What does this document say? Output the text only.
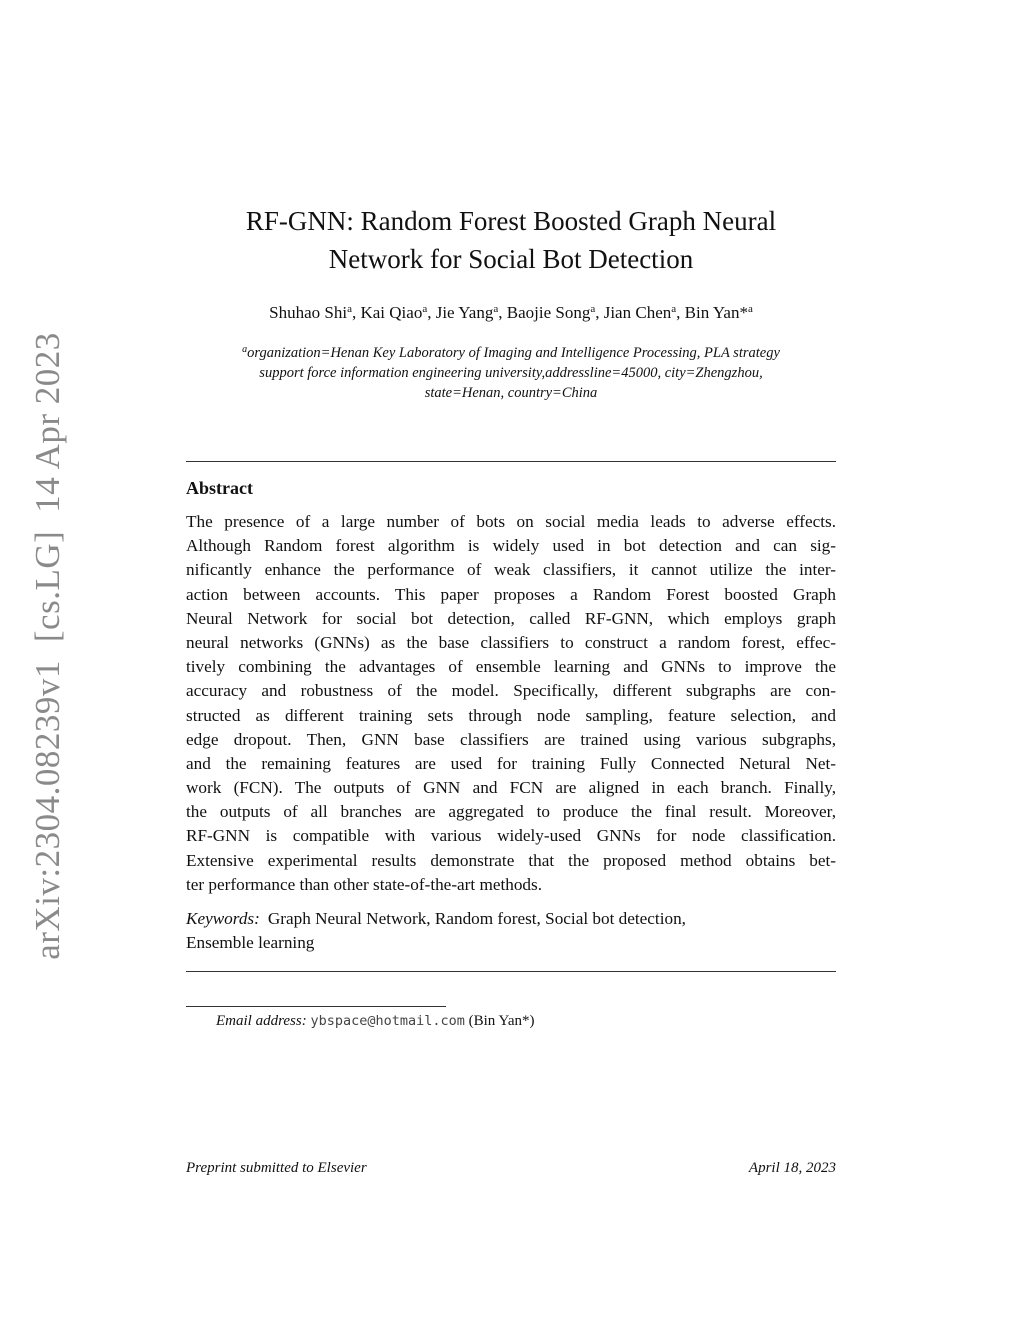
arXiv:2304.08239v1[cs.LG]14 Apr 2023
RF-GNN: Random Forest Boosted Graph Neural
Network for Social Bot Detection
Shuhao Shi$^a$, Kai Qiao$^a$, Jie Yang$^a$, Baojie Song$^a$, Jian Chen$^a$, Bin Yan*$^a$
$^a$organization=Henan Key Laboratory of Imaging and Intelligence Processing, PLA strategy
support force information engineering university,addressline=45000, city=Zhengzhou,
state=Henan, country=China
Abstract
The presence of a large number of bots on social media leads to adverse effects.
Although Random forest algorithm is widely used in bot detection and can sig-
nificantly enhance the performance of weak classifiers, it cannot utilize the inter-
action between accounts. This paper proposes a Random Forest boosted Graph
Neural Network for social bot detection, called RF-GNN, which employs graph
neural networks (GNNs) as the base classifiers to construct a random forest, effec-
tively combining the advantages of ensemble learning and GNNs to improve the
accuracy and robustness of the model. Specifically, different subgraphs are con-
structed as different training sets through node sampling, feature selection, and
edge dropout. Then, GNN base classifiers are trained using various subgraphs,
and the remaining features are used for training Fully Connected Netural Net-
work (FCN). The outputs of GNN and FCN are aligned in each branch. Finally,
the outputs of all branches are aggregated to produce the final result. Moreover,
RF-GNN is compatible with various widely-used GNNs for node classification.
Extensive experimental results demonstrate that the proposed method obtains bet-
ter performance than other state-of-the-art methods.
Keywords: Graph Neural Network, Random forest, Social bot detection,
Ensemble learning
Email address: ybspace@hotmail.com (Bin Yan*)
Preprint submitted to Elsevier	April 18, 2023
